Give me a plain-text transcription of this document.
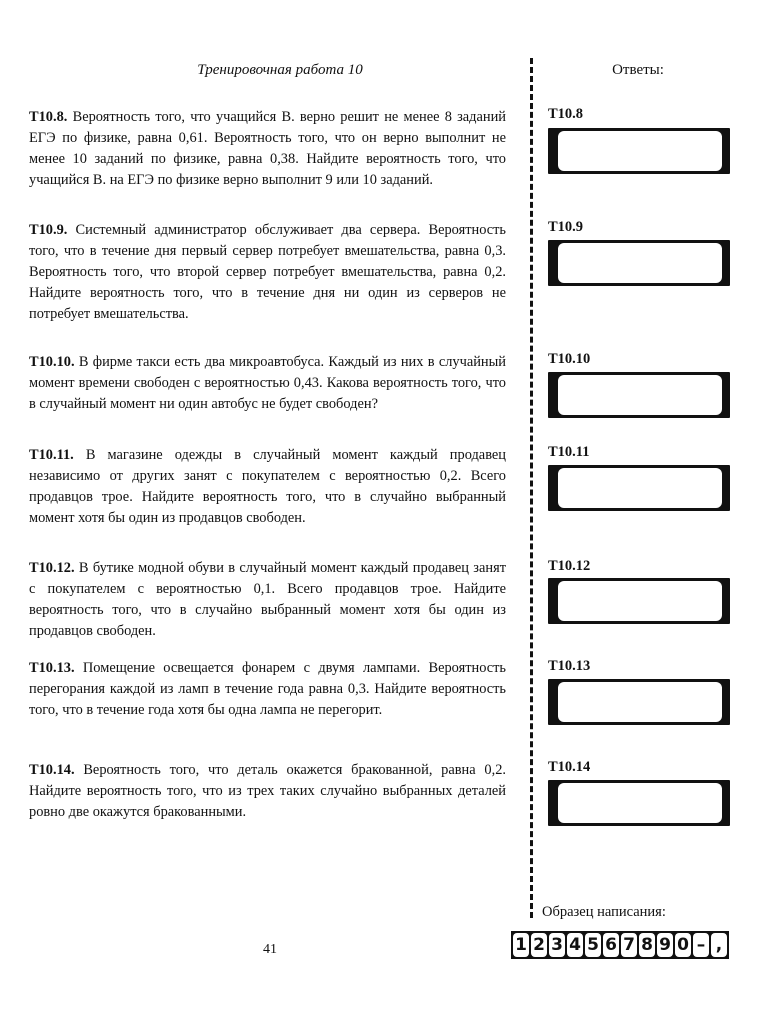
Тренировочная работа 10	Ответы:
T10.8. Вероятность того, что учащийся В. верно решит не менее 8 заданий ЕГЭ по физике, равна 0,61. Вероятность того, что он верно выполнит не менее 10 заданий по физике, равна 0,38. Найдите вероятность того, что учащийся В. на ЕГЭ по физике верно выполнит 9 или 10 заданий.
T10.9. Системный администратор обслуживает два сервера. Вероятность того, что в течение дня первый сервер потребует вмешательства, равна 0,3. Вероятность того, что второй сервер потребует вмешательства, равна 0,2. Найдите вероятность того, что в течение дня ни один из серверов не потребует вмешательства.
T10.10. В фирме такси есть два микроавтобуса. Каждый из них в случайный момент времени свободен с вероятностью 0,43. Какова вероятность того, что в случайный момент ни один автобус не будет свободен?
T10.11. В магазине одежды в случайный момент каждый продавец независимо от других занят с покупателем с вероятностью 0,2. Всего продавцов трое. Найдите вероятность того, что в случайно выбранный момент хотя бы один из продавцов свободен.
T10.12. В бутике модной обуви в случайный момент каждый продавец занят с покупателем с вероятностью 0,1. Всего продавцов трое. Найдите вероятность того, что в случайно выбранный момент хотя бы один из продавцов свободен.
T10.13. Помещение освещается фонарем с двумя лампами. Вероятность перегорания каждой из ламп в течение года равна 0,3. Найдите вероятность того, что в течение года хотя бы одна лампа не перегорит.
T10.14. Вероятность того, что деталь окажется бракованной, равна 0,2. Найдите вероятность того, что из трех таких случайно выбранных деталей ровно две окажутся бракованными.
T10.8
T10.9
T10.10
T10.11
T10.12
T10.13
T10.14
41
Образец написания:
1 2 3 4 5 6 7 8 9 0 – ,
